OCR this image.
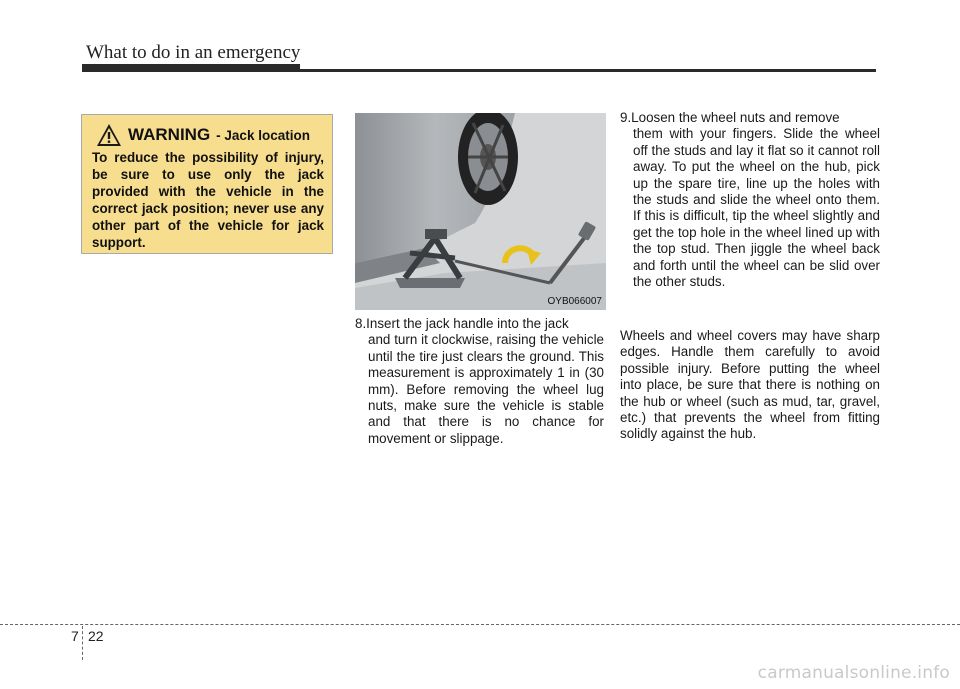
What to do in an emergency
WARNING - Jack location
To reduce the possibility of injury, be sure to use only the jack provided with the vehicle in the correct jack position; never use any other part of the vehicle for jack support.
OYB066007
8.Insert the jack handle into the jack
and turn it clockwise, raising the vehicle until the tire just clears the ground. This measurement is approximately 1 in (30 mm). Before removing the wheel lug nuts, make sure the vehicle is stable and that there is no chance for movement or slippage.
9.Loosen the wheel nuts and remove
them with your fingers. Slide the wheel off the studs and lay it flat so it cannot roll away. To put the wheel on the hub, pick up the spare tire, line up the holes with the studs and slide the wheel onto them. If this is difficult, tip the wheel slightly and get the top hole in the wheel lined up with the top stud. Then jiggle the wheel back and forth until the wheel can be slid over the other studs.
Wheels and wheel covers may have sharp edges. Handle them carefully to avoid possible injury. Before putting the wheel into place, be sure that there is nothing on the hub or wheel (such as mud, tar, gravel, etc.) that prevents the wheel from fitting solidly against the hub.
7 22
carmanualsonline.info
